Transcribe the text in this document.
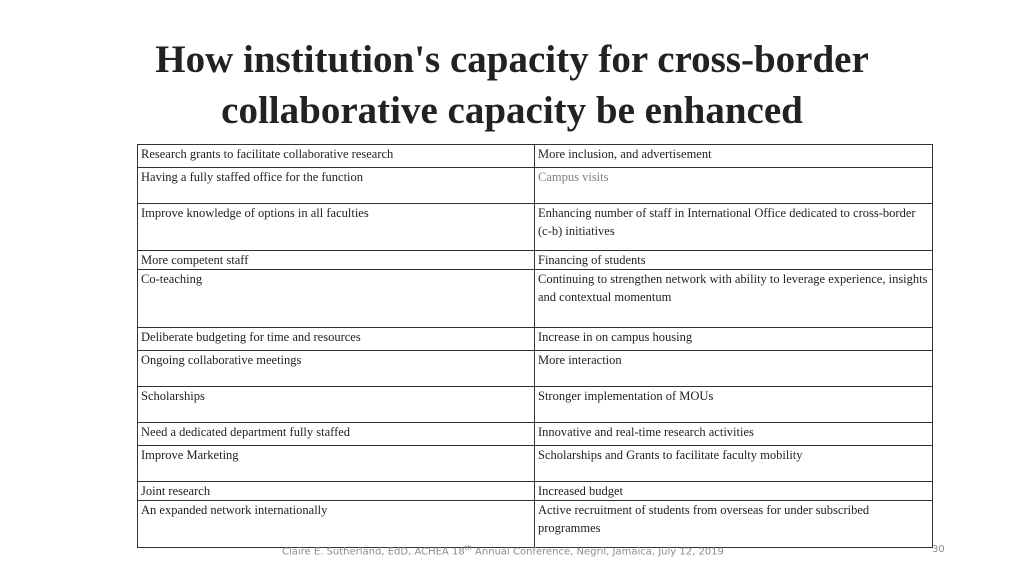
How institution's capacity for cross-border
collaborative capacity be enhanced
Research grants to facilitate collaborative research	More inclusion, and advertisement
Having a fully staffed office for the function	Campus visits
Improve knowledge of options in all faculties	Enhancing number of staff in International Office dedicated to cross-border (c-b) initiatives
More competent staff	Financing of students
Co-teaching	Continuing to strengthen network with ability to leverage experience, insights and contextual momentum
Deliberate budgeting for time and resources	Increase in on campus housing
Ongoing collaborative meetings	More interaction
Scholarships	Stronger implementation of MOUs
Need a dedicated department fully staffed	Innovative and real-time research activities
Improve Marketing	Scholarships and Grants to facilitate faculty mobility
Joint research	Increased budget
An expanded network internationally	Active recruitment of students from overseas for under subscribed programmes
Claire E. Sutherland, EdD, ACHEA 18th Annual Conference, Negril, Jamaica, July 12, 2019	30
